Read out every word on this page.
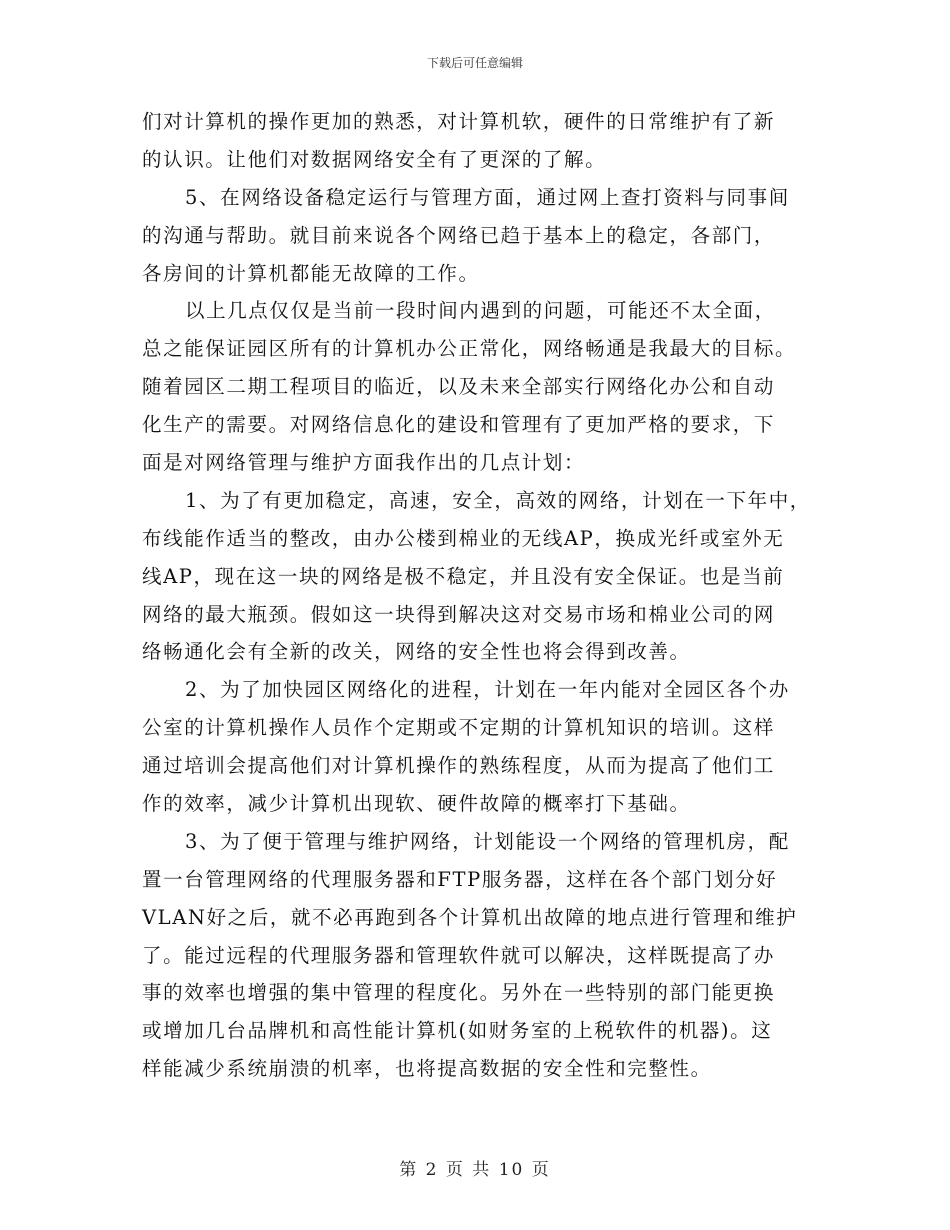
下载后可任意编辑
们对计算机的操作更加的熟悉，对计算机软，硬件的日常维护有了新
的认识。让他们对数据网络安全有了更深的了解。
5、在网络设备稳定运行与管理方面，通过网上查打资料与同事间
的沟通与帮助。就目前来说各个网络已趋于基本上的稳定，各部门，
各房间的计算机都能无故障的工作。
以上几点仅仅是当前一段时间内遇到的问题，可能还不太全面，
总之能保证园区所有的计算机办公正常化，网络畅通是我最大的目标。
随着园区二期工程项目的临近，以及未来全部实行网络化办公和自动
化生产的需要。对网络信息化的建设和管理有了更加严格的要求，下
面是对网络管理与维护方面我作出的几点计划：
1、为了有更加稳定，高速，安全，高效的网络，计划在一下年中，
布线能作适当的整改，由办公楼到棉业的无线AP，换成光纤或室外无
线AP，现在这一块的网络是极不稳定，并且没有安全保证。也是当前
网络的最大瓶颈。假如这一块得到解决这对交易市场和棉业公司的网
络畅通化会有全新的改关，网络的安全性也将会得到改善。
2、为了加快园区网络化的进程，计划在一年内能对全园区各个办
公室的计算机操作人员作个定期或不定期的计算机知识的培训。这样
通过培训会提高他们对计算机操作的熟练程度，从而为提高了他们工
作的效率，减少计算机出现软、硬件故障的概率打下基础。
3、为了便于管理与维护网络，计划能设一个网络的管理机房，配
置一台管理网络的代理服务器和FTP服务器，这样在各个部门划分好
VLAN好之后，就不必再跑到各个计算机出故障的地点进行管理和维护
了。能过远程的代理服务器和管理软件就可以解决，这样既提高了办
事的效率也增强的集中管理的程度化。另外在一些特别的部门能更换
或增加几台品牌机和高性能计算机(如财务室的上税软件的机器)。这
样能减少系统崩溃的机率，也将提高数据的安全性和完整性。
第 2 页 共 10 页
